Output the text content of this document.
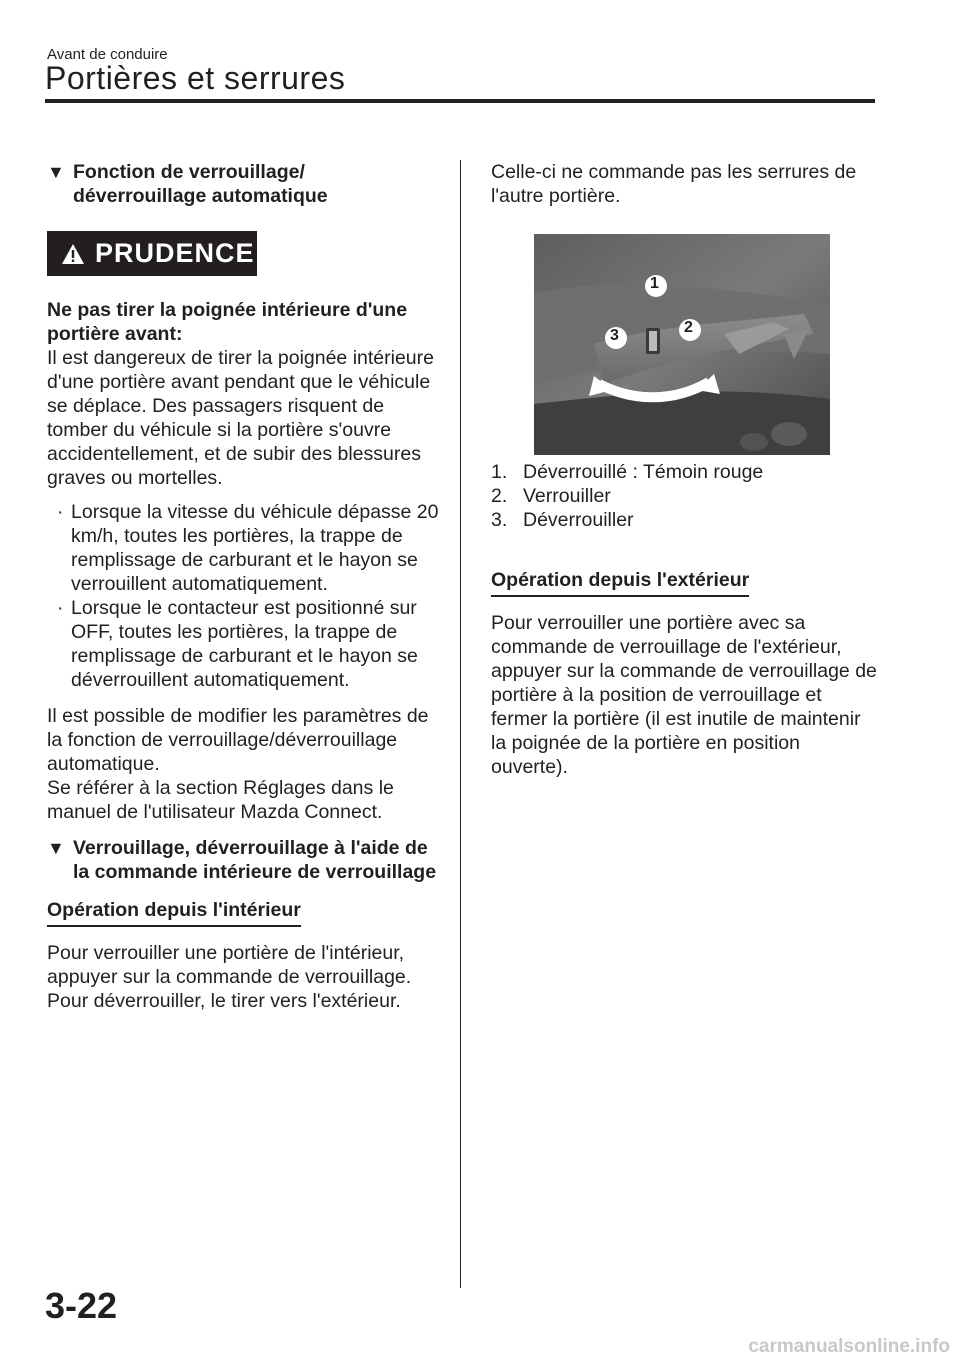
Avant de conduire
Portières et serrures
▼ Fonction de verrouillage/ déverrouillage automatique
PRUDENCE

Ne pas tirer la poignée intérieure d'une portière avant:

Il est dangereux de tirer la poignée intérieure d'une portière avant pendant que le véhicule se déplace. Des passagers risquent de tomber du véhicule si la portière s'ouvre accidentellement, et de subir des blessures graves ou mortelles.

· Lorsque la vitesse du véhicule dépasse 20 km/h, toutes les portières, la trappe de remplissage de carburant et le hayon se verrouillent automatiquement.
· Lorsque le contacteur est positionné sur OFF, toutes les portières, la trappe de remplissage de carburant et le hayon se déverrouillent automatiquement.

Il est possible de modifier les paramètres de la fonction de verrouillage/déverrouillage automatique.

Se référer à la section Réglages dans le manuel de l'utilisateur Mazda Connect.

▼ Verrouillage, déverrouillage à l'aide de la commande intérieure de verrouillage
Opération depuis l'intérieur

Pour verrouiller une portière de l'intérieur, appuyer sur la commande de verrouillage.

Pour déverrouiller, le tirer vers l'extérieur.

Celle-ci ne commande pas les serrures de l'autre portière.

1
2
3
1. Déverrouillé : Témoin rouge
2. Verrouiller
3. Déverrouiller
Opération depuis l'extérieur

Pour verrouiller une portière avec sa commande de verrouillage de l'extérieur, appuyer sur la commande de verrouillage de portière à la position de verrouillage et fermer la portière (il est inutile de maintenir la poignée de la portière en position ouverte).

3-22
carmanualsonline.info
